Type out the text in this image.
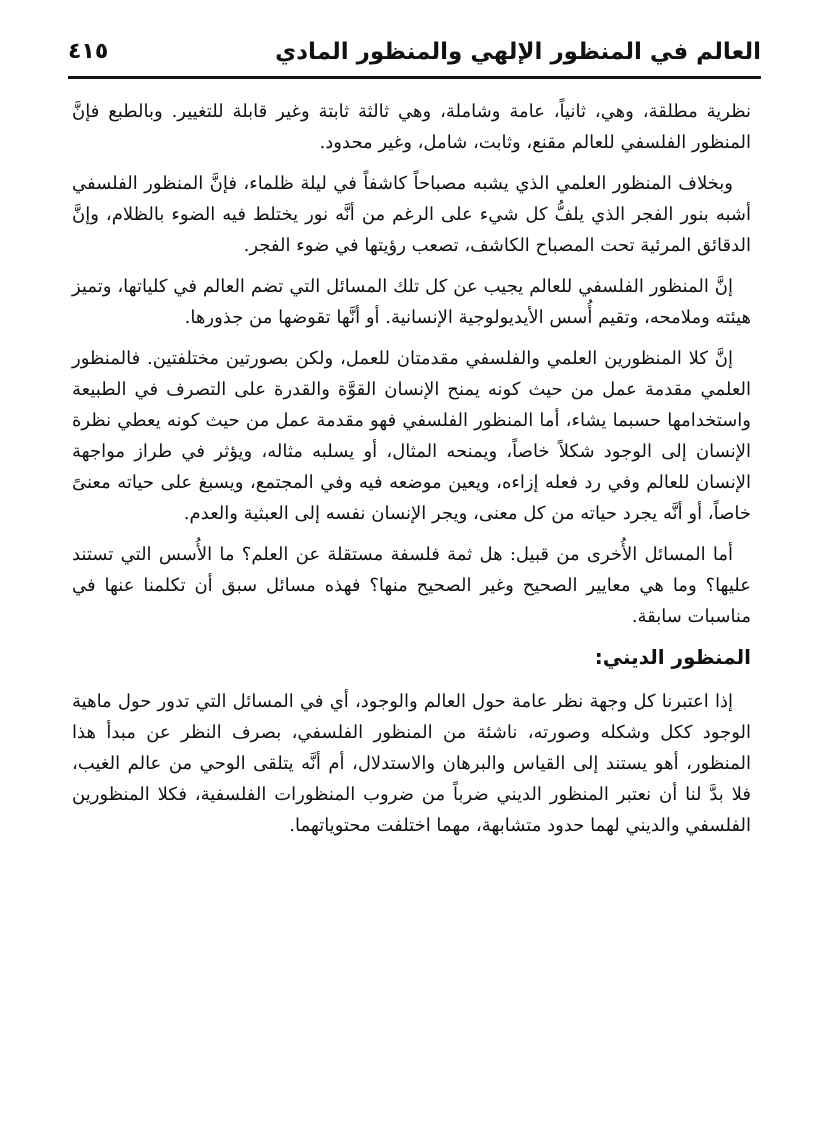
العالم في المنظور الإلهي والمنظور المادي
٤١٥

نظرية مطلقة، وهي، ثانياً، عامة وشاملة، وهي ثالثة ثابتة وغير قابلة للتغيير. وبالطبع فإنَّ المنظور الفلسفي للعالم مقنع، وثابت، شامل، وغير محدود.

وبخلاف المنظور العلمي الذي يشبه مصباحاً كاشفاً في ليلة ظلماء، فإنَّ المنظور الفلسفي أشبه بنور الفجر الذي يلفُّ كل شيء على الرغم من أنَّه نور يختلط فيه الضوء بالظلام، وإنَّ الدقائق المرئية تحت المصباح الكاشف، تصعب رؤيتها في ضوء الفجر.

إنَّ المنظور الفلسفي للعالم يجيب عن كل تلك المسائل التي تضم العالم في كلياتها، وتميز هيئته وملامحه، وتقيم أُسس الأيديولوجية الإنسانية. أو أنَّها تقوضها من جذورها.

إنَّ كلا المنظورين العلمي والفلسفي مقدمتان للعمل، ولكن بصورتين مختلفتين. فالمنظور العلمي مقدمة عمل من حيث كونه يمنح الإنسان القوَّة والقدرة على التصرف في الطبيعة واستخدامها حسبما يشاء، أما المنظور الفلسفي فهو مقدمة عمل من حيث كونه يعطي نظرة الإنسان إلى الوجود شكلاً خاصاً، ويمنحه المثال، أو يسلبه مثاله، ويؤثر في طراز مواجهة الإنسان للعالم وفي رد فعله إزاءه، ويعين موضعه فيه وفي المجتمع، ويسبغ على حياته معنىً خاصاً، أو أنَّه يجرد حياته من كل معنى، ويجر الإنسان نفسه إلى العبثية والعدم.

أما المسائل الأُخرى من قبيل: هل ثمة فلسفة مستقلة عن العلم؟ ما الأُسس التي تستند عليها؟ وما هي معايير الصحيح وغير الصحيح منها؟ فهذه مسائل سبق أن تكلمنا عنها في مناسبات سابقة.

المنظور الديني:

إذا اعتبرنا كل وجهة نظر عامة حول العالم والوجود، أي في المسائل التي تدور حول ماهية الوجود ككل وشكله وصورته، ناشئة من المنظور الفلسفي، بصرف النظر عن مبدأ هذا المنظور، أهو يستند إلى القياس والبرهان والاستدلال، أم أنَّه يتلقى الوحي من عالم الغيب، فلا بدَّ لنا أن نعتبر المنظور الديني ضرباً من ضروب المنظورات الفلسفية، فكلا المنظورين الفلسفي والديني لهما حدود متشابهة، مهما اختلفت محتوياتهما.
